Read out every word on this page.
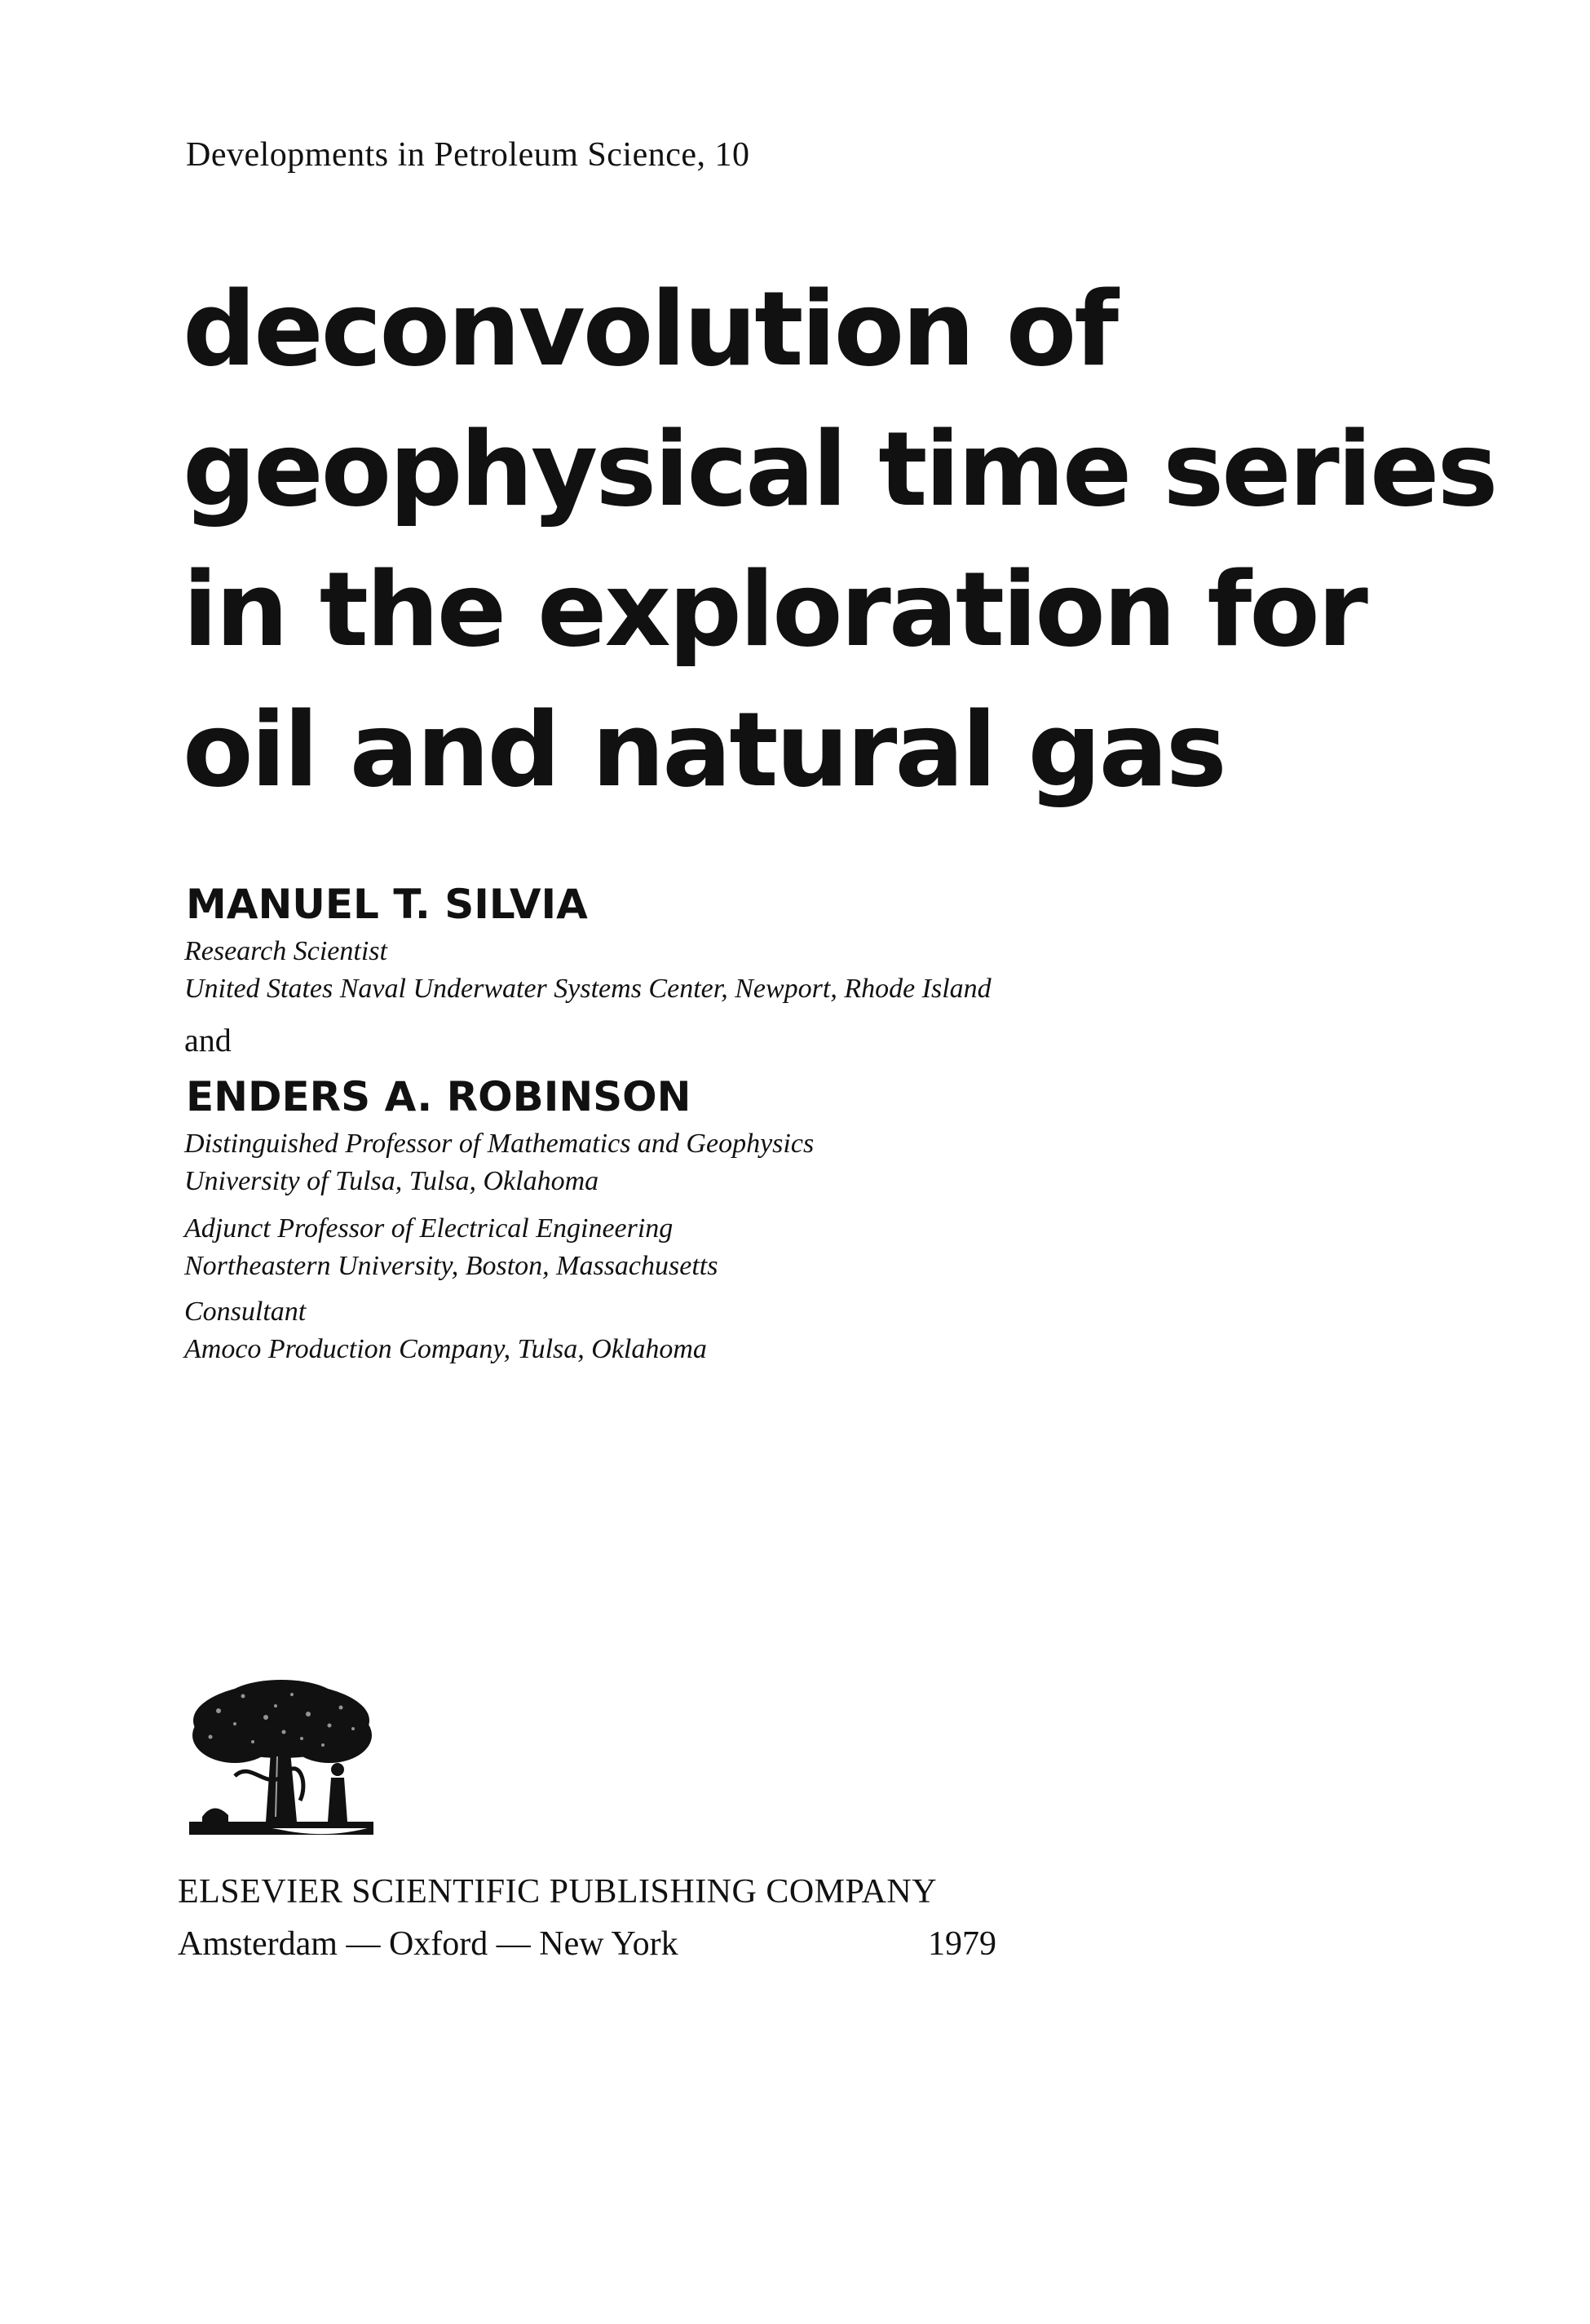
Developments in Petroleum Science, 10
deconvolution of
geophysical time series
in the exploration for
oil and natural gas
MANUEL T. SILVIA
Research Scientist
United States Naval Underwater Systems Center, Newport, Rhode Island
and
ENDERS A. ROBINSON
Distinguished Professor of Mathematics and Geophysics
University of Tulsa, Tulsa, Oklahoma
Adjunct Professor of Electrical Engineering
Northeastern University, Boston, Massachusetts
Consultant
Amoco Production Company, Tulsa, Oklahoma
ELSEVIER SCIENTIFIC PUBLISHING COMPANY
Amsterdam — Oxford — New York	1979
